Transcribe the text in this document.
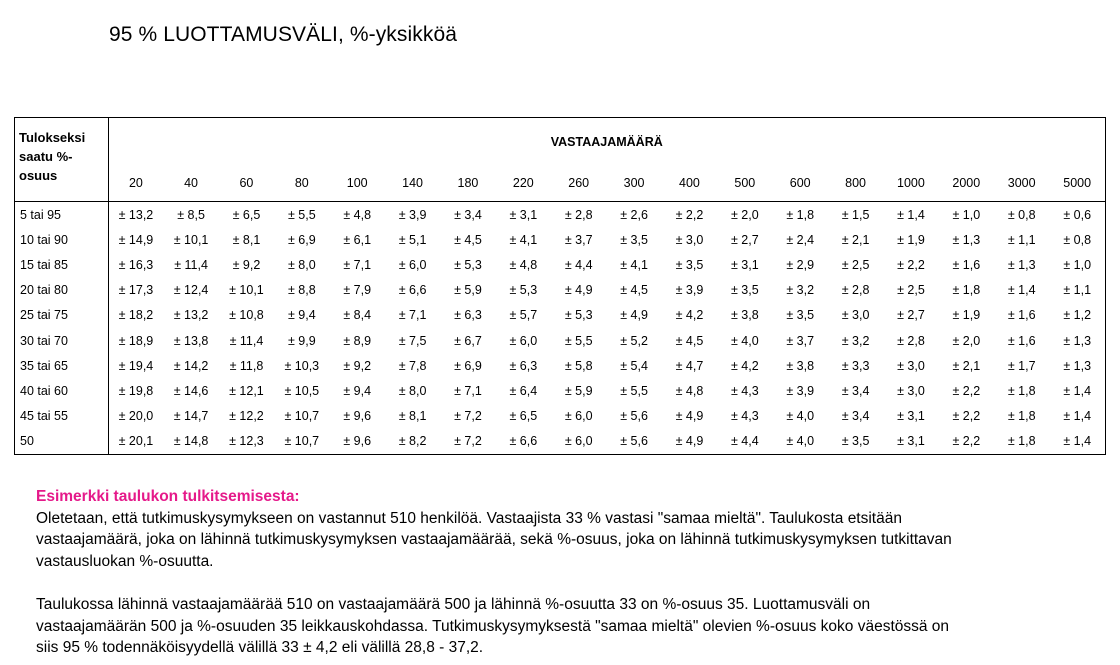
95 % LUOTTAMUSVÄLI, %-yksikköä
Tulokseksi
saatu %-
osuus	VASTAAJAMÄÄRÄ																	
	20	40	60	80	100	140	180	220	260	300	400	500	600	800	1000	2000	3000	5000
5 tai 95	± 13,2	± 8,5	± 6,5	± 5,5	± 4,8	± 3,9	± 3,4	± 3,1	± 2,8	± 2,6	± 2,2	± 2,0	± 1,8	± 1,5	± 1,4	± 1,0	± 0,8	± 0,6
10 tai 90	± 14,9	± 10,1	± 8,1	± 6,9	± 6,1	± 5,1	± 4,5	± 4,1	± 3,7	± 3,5	± 3,0	± 2,7	± 2,4	± 2,1	± 1,9	± 1,3	± 1,1	± 0,8
15 tai 85	± 16,3	± 11,4	± 9,2	± 8,0	± 7,1	± 6,0	± 5,3	± 4,8	± 4,4	± 4,1	± 3,5	± 3,1	± 2,9	± 2,5	± 2,2	± 1,6	± 1,3	± 1,0
20 tai 80	± 17,3	± 12,4	± 10,1	± 8,8	± 7,9	± 6,6	± 5,9	± 5,3	± 4,9	± 4,5	± 3,9	± 3,5	± 3,2	± 2,8	± 2,5	± 1,8	± 1,4	± 1,1
25 tai 75	± 18,2	± 13,2	± 10,8	± 9,4	± 8,4	± 7,1	± 6,3	± 5,7	± 5,3	± 4,9	± 4,2	± 3,8	± 3,5	± 3,0	± 2,7	± 1,9	± 1,6	± 1,2
30 tai 70	± 18,9	± 13,8	± 11,4	± 9,9	± 8,9	± 7,5	± 6,7	± 6,0	± 5,5	± 5,2	± 4,5	± 4,0	± 3,7	± 3,2	± 2,8	± 2,0	± 1,6	± 1,3
35 tai 65	± 19,4	± 14,2	± 11,8	± 10,3	± 9,2	± 7,8	± 6,9	± 6,3	± 5,8	± 5,4	± 4,7	± 4,2	± 3,8	± 3,3	± 3,0	± 2,1	± 1,7	± 1,3
40 tai 60	± 19,8	± 14,6	± 12,1	± 10,5	± 9,4	± 8,0	± 7,1	± 6,4	± 5,9	± 5,5	± 4,8	± 4,3	± 3,9	± 3,4	± 3,0	± 2,2	± 1,8	± 1,4
45 tai 55	± 20,0	± 14,7	± 12,2	± 10,7	± 9,6	± 8,1	± 7,2	± 6,5	± 6,0	± 5,6	± 4,9	± 4,3	± 4,0	± 3,4	± 3,1	± 2,2	± 1,8	± 1,4
50	± 20,1	± 14,8	± 12,3	± 10,7	± 9,6	± 8,2	± 7,2	± 6,6	± 6,0	± 5,6	± 4,9	± 4,4	± 4,0	± 3,5	± 3,1	± 2,2	± 1,8	± 1,4
Esimerkki taulukon tulkitsemisesta:

Oletetaan, että tutkimuskysymykseen on vastannut 510 henkilöä. Vastaajista 33 % vastasi "samaa mieltä". Taulukosta etsitään
vastaajamäärä, joka on lähinnä tutkimuskysymyksen vastaajamäärää, sekä %-osuus, joka on lähinnä tutkimuskysymyksen tutkittavan
vastausluokan %-osuutta.

Taulukossa lähinnä vastaajamäärää 510 on vastaajamäärä 500 ja lähinnä %-osuutta 33 on %-osuus 35. Luottamusväli on
vastaajamäärän 500 ja %-osuuden 35 leikkauskohdassa. Tutkimuskysymyksestä "samaa mieltä" olevien %-osuus koko väestössä on
siis 95 % todennäköisyydellä välillä 33 ± 4,2 eli välillä 28,8 - 37,2.
